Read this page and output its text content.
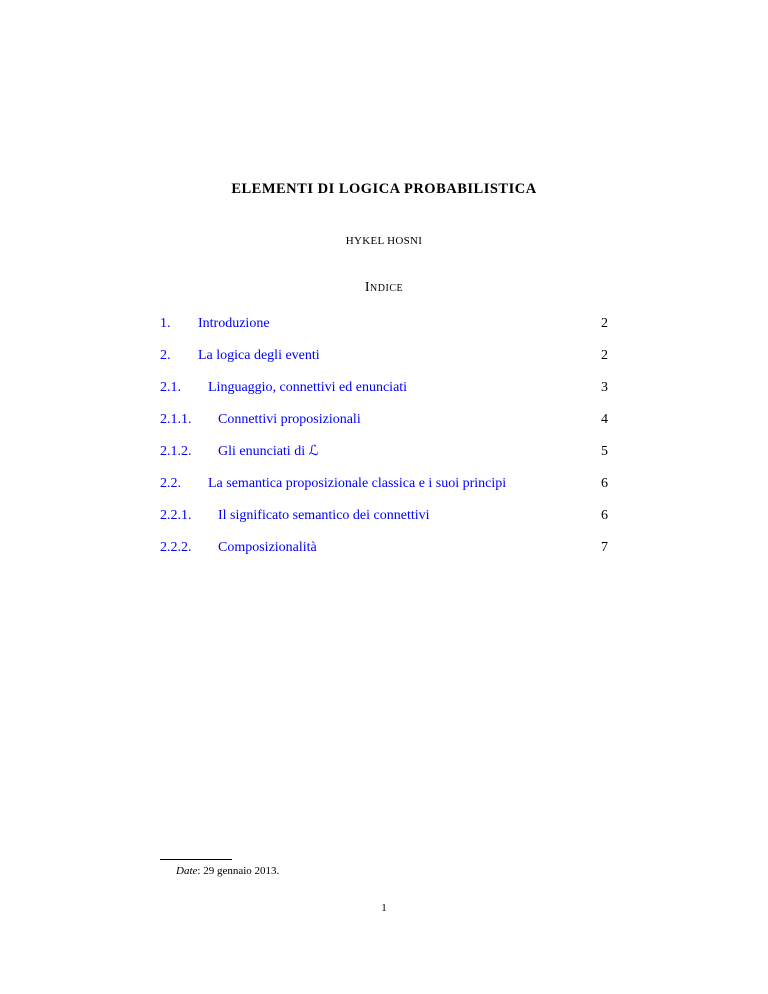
ELEMENTI DI LOGICA PROBABILISTICA
HYKEL HOSNI
Indice
1. Introduzione	2
2. La logica degli eventi	2
2.1. Linguaggio, connettivi ed enunciati	3
2.1.1. Connettivi proposizionali	4
2.1.2. Gli enunciati di ℒ	5
2.2. La semantica proposizionale classica e i suoi principi	6
2.2.1. Il significato semantico dei connettivi	6
2.2.2. Composizionalità	7
Date: 29 gennaio 2013.
1
